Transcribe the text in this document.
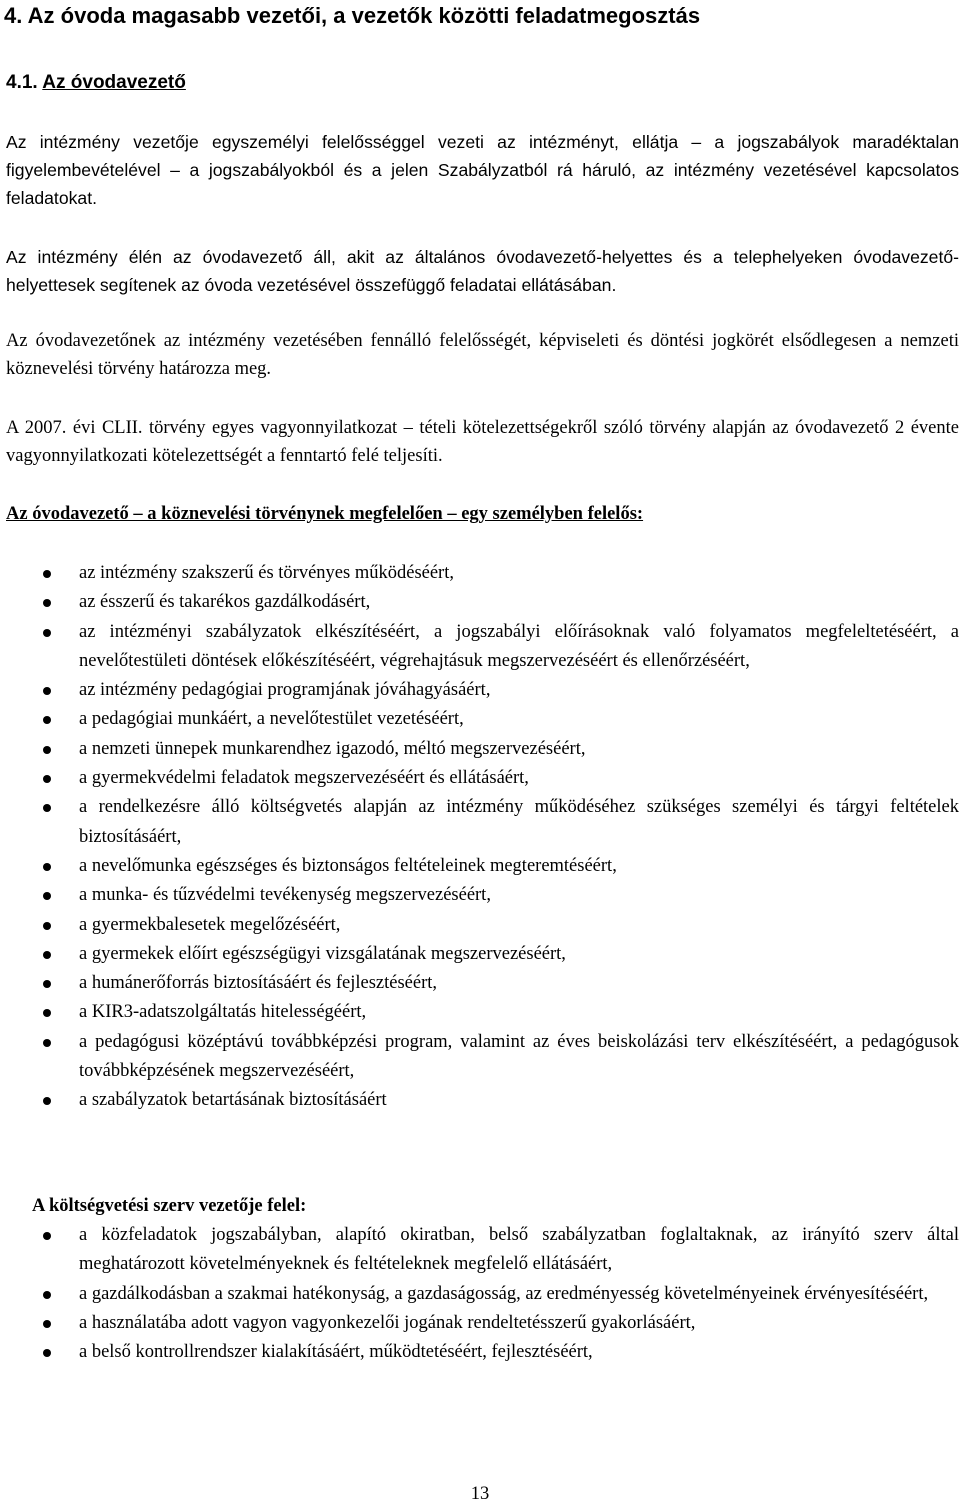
4. Az óvoda magasabb vezetői, a vezetők közötti feladatmegosztás
4.1. Az óvodavezető
Az intézmény vezetője egyszemélyi felelősséggel vezeti az intézményt, ellátja – a jogszabályok maradéktalan figyelembevételével – a jogszabályokból és a jelen Szabályzatból rá háruló, az intézmény vezetésével kapcsolatos feladatokat.
Az intézmény élén az óvodavezető áll, akit az általános óvodavezető-helyettes és a telephelyeken óvodavezető-helyettesek segítenek az óvoda vezetésével összefüggő feladatai ellátásában.
Az óvodavezetőnek az intézmény vezetésében fennálló felelősségét, képviseleti és döntési jogkörét elsődlegesen a nemzeti köznevelési törvény határozza meg.
A 2007. évi CLII. törvény egyes vagyonnyilatkozat – tételi kötelezettségekről szóló törvény alapján az óvodavezető 2 évente vagyonnyilatkozati kötelezettségét a fenntartó felé teljesíti.
Az óvodavezető – a köznevelési törvénynek megfelelően – egy személyben felelős:
az intézmény szakszerű és törvényes működéséért,
az ésszerű és takarékos gazdálkodásért,
az intézményi szabályzatok elkészítéséért, a jogszabályi előírásoknak való folyamatos megfeleltetéséért, a nevelőtestületi döntések előkészítéséért, végrehajtásuk megszervezéséért és ellenőrzéséért,
az intézmény pedagógiai programjának jóváhagyásáért,
a pedagógiai munkáért, a nevelőtestület vezetéséért,
a nemzeti ünnepek munkarendhez igazodó, méltó megszervezéséért,
a gyermekvédelmi feladatok megszervezéséért és ellátásáért,
a rendelkezésre álló költségvetés alapján az intézmény működéséhez szükséges személyi és tárgyi feltételek biztosításáért,
a nevelőmunka egészséges és biztonságos feltételeinek megteremtéséért,
a munka- és tűzvédelmi tevékenység megszervezéséért,
a gyermekbalesetek megelőzéséért,
a gyermekek előírt egészségügyi vizsgálatának megszervezéséért,
a humánerőforrás biztosításáért és fejlesztéséért,
a KIR3-adatszolgáltatás hitelességéért,
a pedagógusi középtávú továbbképzési program, valamint az éves beiskolázási terv elkészítéséért, a pedagógusok továbbképzésének megszervezéséért,
a szabályzatok betartásának biztosításáért
A költségvetési szerv vezetője felel:
a közfeladatok jogszabályban, alapító okiratban, belső szabályzatban foglaltaknak, az irányító szerv által meghatározott követelményeknek és feltételeknek megfelelő ellátásáért,
a gazdálkodásban a szakmai hatékonyság, a gazdaságosság, az eredményesség követelményeinek érvényesítéséért,
a használatába adott vagyon vagyonkezelői jogának rendeltetésszerű gyakorlásáért,
a belső kontrollrendszer kialakításáért, működtetéséért, fejlesztéséért,
13
